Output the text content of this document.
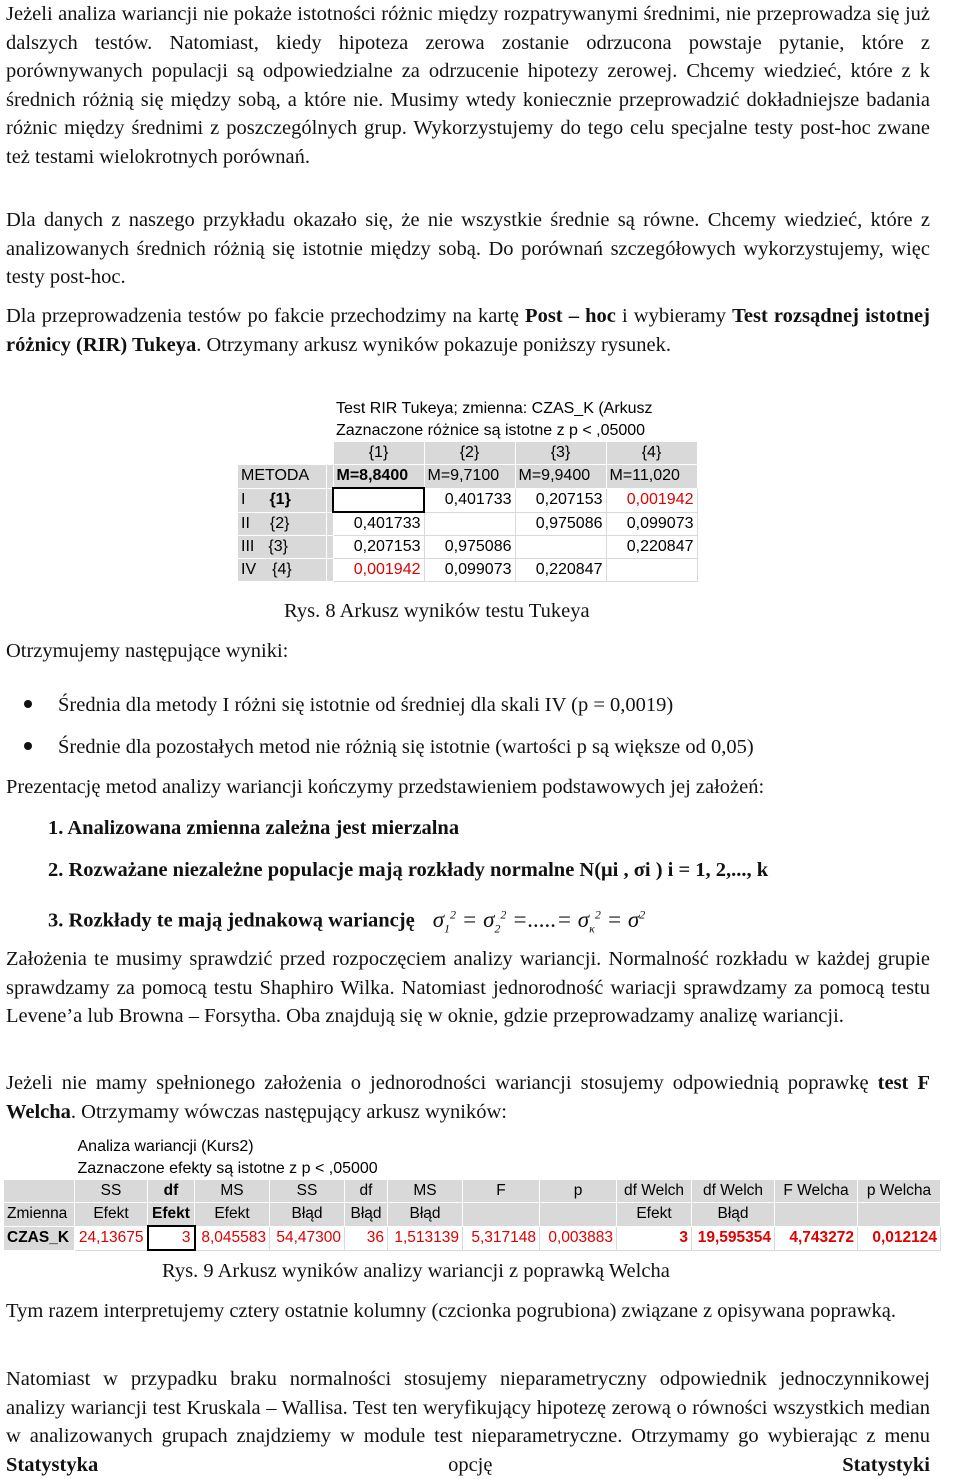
Jeżeli analiza wariancji nie pokaże istotności różnic między rozpatrywanymi średnimi, nie przeprowadza się już dalszych testów. Natomiast, kiedy hipoteza zerowa zostanie odrzucona powstaje pytanie, które z porównywanych populacji są odpowiedzialne za odrzucenie hipotezy zerowej. Chcemy wiedzieć, które z k średnich różnią się między sobą, a które nie. Musimy wtedy koniecznie przeprowadzić dokładniejsze badania różnic między średnimi z poszczególnych grup. Wykorzystujemy do tego celu specjalne testy post-hoc zwane też testami wielokrotnych porównań.

Dla danych z naszego przykładu okazało się, że nie wszystkie średnie są równe. Chcemy wiedzieć, które z analizowanych średnich różnią się istotnie między sobą. Do porównań szczegółowych wykorzystujemy, więc testy post-hoc.

Dla przeprowadzenia testów po fakcie przechodzimy na kartę Post – hoc i wybieramy Test rozsądnej istotnej różnicy (RIR) Tukeya. Otrzymany arkusz wyników pokazuje poniższy rysunek.

		Test RIR Tukeya; zmienna: CZAS_K (Arkusz			
		Zaznaczone różnice są istotne z p < ,05000			
		{1}	{2}	{3}	{4}
METODA		M=8,8400	M=9,7100	M=9,9400	M=11,020
I {1}			0,401733	0,207153	0,001942
II {2}		0,401733		0,975086	0,099073
III {3}		0,207153	0,975086		0,220847
IV {4}		0,001942	0,099073	0,220847	

Rys. 8 Arkusz wyników testu Tukeya

Otrzymujemy następujące wyniki:

Średnia dla metody I różni się istotnie od średniej dla skali IV (p = 0,0019)
Średnie dla pozostałych metod nie różnią się istotnie (wartości p są większe od 0,05)

Prezentację metod analizy wariancji kończymy przedstawieniem podstawowych jej założeń:

1. Analizowana zmienna zależna jest mierzalna
2. Rozważane niezależne populacje mają rozkłady normalne N(μi , σi ) i = 1, 2,..., k
3. Rozkłady te mają jednakową wariancję $\sigma_1^2 = \sigma_2^2$ =.....= $\sigma_\kappa^2 = \sigma^2$

Założenia te musimy sprawdzić przed rozpoczęciem analizy wariancji. Normalność rozkładu w każdej grupie sprawdzamy za pomocą testu Shaphiro Wilka. Natomiast jednorodność wariacji sprawdzamy za pomocą testu Levene’a lub Browna – Forsytha. Oba znajdują się w oknie, gdzie przeprowadzamy analizę wariancji.

Jeżeli nie mamy spełnionego założenia o jednorodności wariancji stosujemy odpowiednią poprawkę test F Welcha. Otrzymamy wówczas następujący arkusz wyników:

	Analiza wariancji (Kurs2)											
	Zaznaczone efekty są istotne z p < ,05000											
	SS	df	MS	SS	df	MS	F	p	df Welch	df Welch	F Welcha	p Welcha
Zmienna	Efekt	Efekt	Efekt	Błąd	Błąd	Błąd			Efekt	Błąd		
CZAS_K	24,13675	3	8,045583	54,47300	36	1,513139	5,317148	0,003883	3	19,595354	4,743272	0,012124

Rys. 9 Arkusz wyników analizy wariancji z poprawką Welcha

Tym razem interpretujemy cztery ostatnie kolumny (czcionka pogrubiona) związane z opisywana poprawką.

Natomiast w przypadku braku normalności stosujemy nieparametryczny odpowiednik jednoczynnikowej analizy wariancji test Kruskala – Wallisa. Test ten weryfikujący hipotezę zerową o równości wszystkich median w analizowanych grupach znajdziemy w module test nieparametryczne. Otrzymamy go wybierając z menu Statystyka opcję Statystyki
